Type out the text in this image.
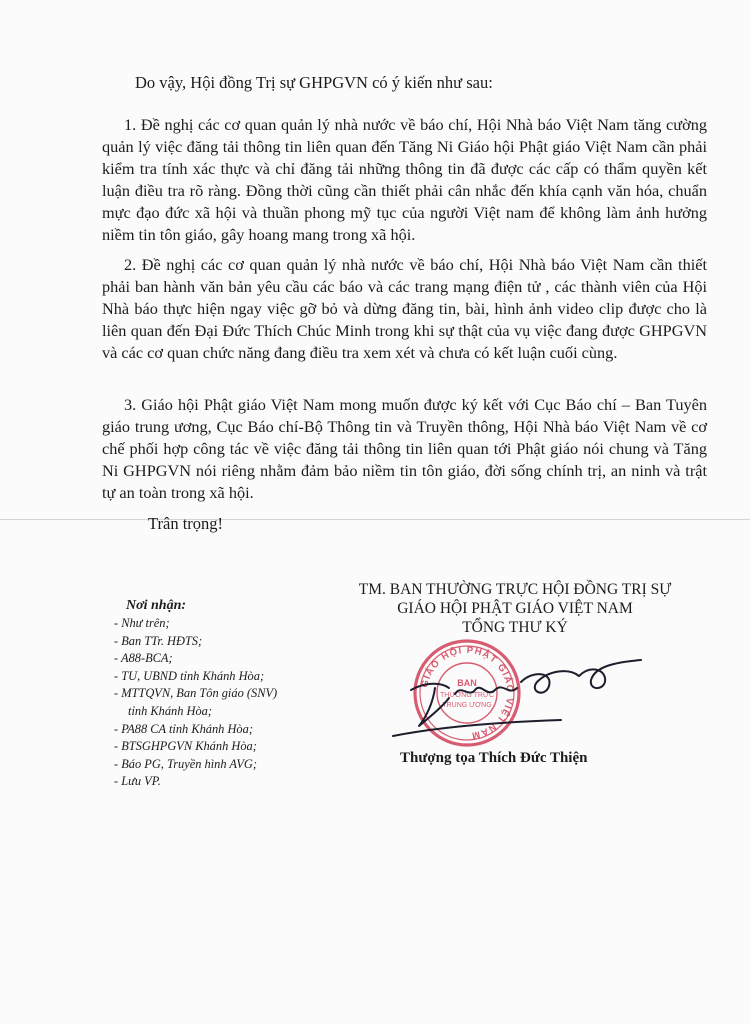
Do vậy, Hội đồng Trị sự GHPGVN có ý kiến như sau:

1. Đề nghị các cơ quan quản lý nhà nước về báo chí, Hội Nhà báo Việt Nam tăng cường quản lý việc đăng tải thông tin liên quan đến Tăng Ni Giáo hội Phật giáo Việt Nam cần phải kiểm tra tính xác thực và chỉ đăng tải những thông tin đã được các cấp có thẩm quyền kết luận điều tra rõ ràng. Đồng thời cũng cần thiết phải cân nhắc đến khía cạnh văn hóa, chuẩn mực đạo đức xã hội và thuần phong mỹ tục của người Việt nam để không làm ảnh hưởng niềm tin tôn giáo, gây hoang mang trong xã hội.

2. Đề nghị các cơ quan quản lý nhà nước về báo chí, Hội Nhà báo Việt Nam cần thiết phải ban hành văn bản yêu cầu các báo và các trang mạng điện tử , các thành viên của Hội Nhà báo thực hiện ngay việc gỡ bỏ và dừng đăng tin, bài, hình ảnh video clip được cho là liên quan đến Đại Đức Thích Chúc Minh trong khi sự thật của vụ việc đang được GHPGVN và các cơ quan chức năng đang điều tra xem xét và chưa có kết luận cuối cùng.

3. Giáo hội Phật giáo Việt Nam mong muốn được ký kết với Cục Báo chí – Ban Tuyên giáo trung ương, Cục Báo chí-Bộ Thông tin và Truyền thông, Hội Nhà báo Việt Nam về cơ chế phối hợp công tác về việc đăng tải thông tin liên quan tới Phật giáo nói chung và Tăng Ni GHPGVN nói riêng nhằm đảm bảo niềm tin tôn giáo, đời sống chính trị, an ninh và trật tự an toàn trong xã hội.

Trân trọng!

Nơi nhận:
- Như trên;
- Ban TTr. HĐTS;
- A88-BCA;
- TU, UBND tỉnh Khánh Hòa;
- MTTQVN, Ban Tôn giáo (SNV)
tỉnh Khánh Hòa;
- PA88 CA tỉnh Khánh Hòa;
- BTSGHPGVN Khánh Hòa;
- Báo PG, Truyền hình AVG;
- Lưu VP.
TM. BAN THƯỜNG TRỰC HỘI ĐỒNG TRỊ SỰ
GIÁO HỘI PHẬT GIÁO VIỆT NAM
TỔNG THƯ KÝ
GIÁO HỘI PHẬT GIÁO VIỆT NAM
BAN
THƯỜNG TRỰC
TRUNG ƯƠNG

Thượng tọa Thích Đức Thiện
